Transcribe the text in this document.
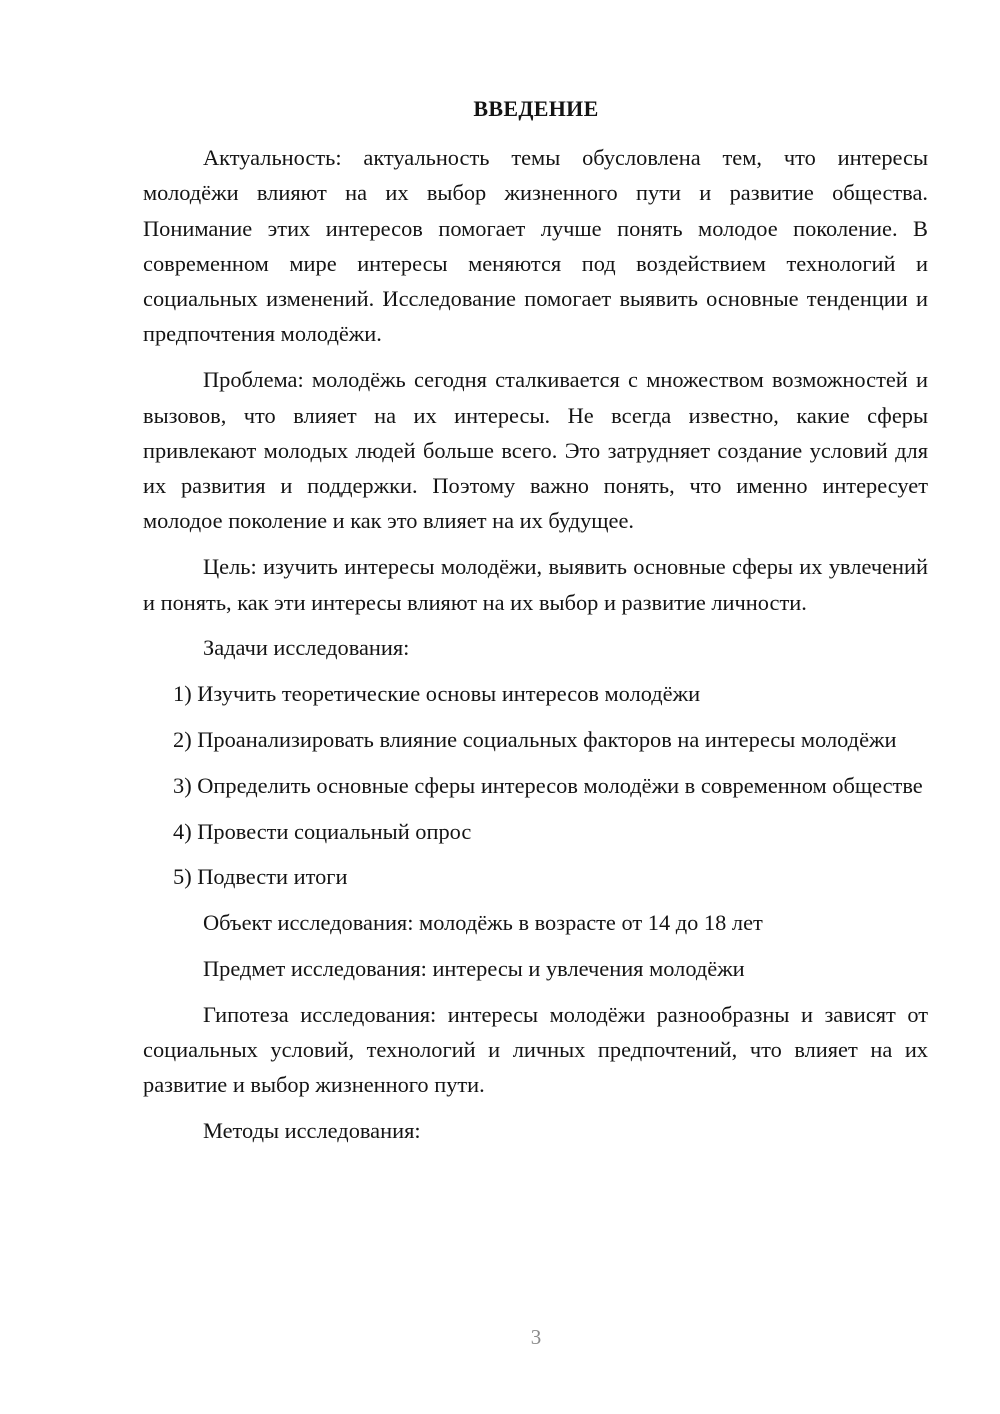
ВВЕДЕНИЕ

Актуальность: актуальность темы обусловлена тем, что интересы молодёжи влияют на их выбор жизненного пути и развитие общества. Понимание этих интересов помогает лучше понять молодое поколение. В современном мире интересы меняются под воздействием технологий и социальных изменений. Исследование помогает выявить основные тенденции и предпочтения молодёжи.

Проблема: молодёжь сегодня сталкивается с множеством возможностей и вызовов, что влияет на их интересы. Не всегда известно, какие сферы привлекают молодых людей больше всего. Это затрудняет создание условий для их развития и поддержки. Поэтому важно понять, что именно интересует молодое поколение и как это влияет на их будущее.

Цель: изучить интересы молодёжи, выявить основные сферы их увлечений и понять, как эти интересы влияют на их выбор и развитие личности.

Задачи исследования:

1) Изучить теоретические основы интересов молодёжи

2) Проанализировать влияние социальных факторов на интересы молодёжи

3) Определить основные сферы интересов молодёжи в современном обществе

4) Провести социальный опрос

5) Подвести итоги

Объект исследования: молодёжь в возрасте от 14 до 18 лет

Предмет исследования: интересы и увлечения молодёжи

Гипотеза исследования: интересы молодёжи разнообразны и зависят от социальных условий, технологий и личных предпочтений, что влияет на их развитие и выбор жизненного пути.

Методы исследования:

3
